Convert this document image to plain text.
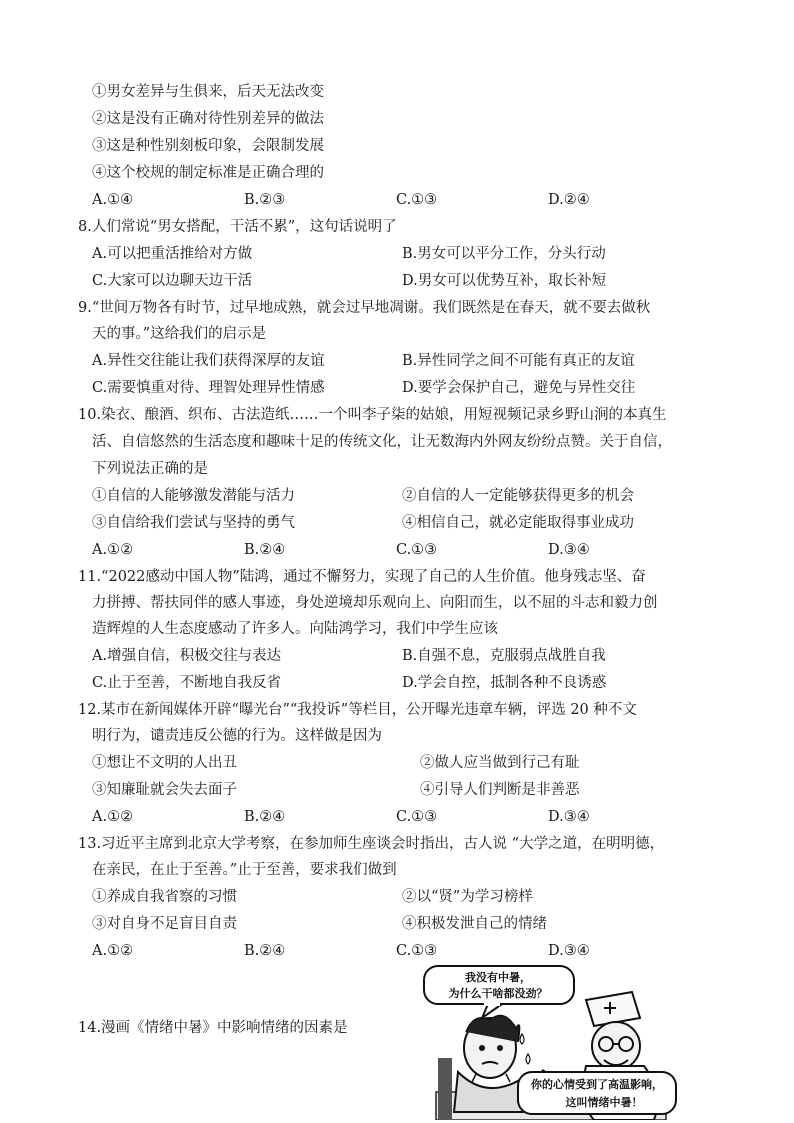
①男女差异与生俱来，后天无法改变
②这是没有正确对待性别差异的做法
③这是种性别刻板印象，会限制发展
④这个校规的制定标准是正确合理的
A.①④	B.②③	C.①③	D.②④
8.人们常说“男女搭配，干活不累”，这句话说明了
A.可以把重活推给对方做	B.男女可以平分工作，分头行动
C.大家可以边聊天边干活	D.男女可以优势互补，取长补短
9.“世间万物各有时节，过早地成熟，就会过早地凋谢。我们既然是在春天，就不要去做秋
天的事。”这给我们的启示是
A.异性交往能让我们获得深厚的友谊	B.异性同学之间不可能有真正的友谊
C.需要慎重对待、理智处理异性情感	D.要学会保护自己，避免与异性交往
10.染衣、酿酒、织布、古法造纸……一个叫李子柒的姑娘，用短视频记录乡野山涧的本真生
活、自信悠然的生活态度和趣味十足的传统文化，让无数海内外网友纷纷点赞。关于自信，
下列说法正确的是
①自信的人能够激发潜能与活力	②自信的人一定能够获得更多的机会
③自信给我们尝试与坚持的勇气	④相信自己，就必定能取得事业成功
A.①②	B.②④	C.①③	D.③④
11.“2022感动中国人物”陆鸿，通过不懈努力，实现了自己的人生价值。他身残志坚、奋
力拼搏、帮扶同伴的感人事迹，身处逆境却乐观向上、向阳而生，以不屈的斗志和毅力创
造辉煌的人生态度感动了许多人。向陆鸿学习，我们中学生应该
A.增强自信，积极交往与表达	B.自强不息，克服弱点战胜自我
C.止于至善，不断地自我反省	D.学会自控，抵制各种不良诱惑
12.某市在新闻媒体开辟“曝光台”“我投诉”等栏目，公开曝光违章车辆，评选 20 种不文
明行为，谴责违反公德的行为。这样做是因为
①想让不文明的人出丑	②做人应当做到行己有耻
③知廉耻就会失去面子	④引导人们判断是非善恶
A.①②	B.②④	C.①③	D.③④
13.习近平主席到北京大学考察，在参加师生座谈会时指出，古人说 “大学之道，在明明德，
在亲民，在止于至善。”止于至善，要求我们做到
①养成自我省察的习惯	②以“贤”为学习榜样
③对自身不足盲目自责	④积极发泄自己的情绪
A.①②	B.②④	C.①③	D.③④
14.漫画《情绪中暑》中影响情绪的因素是
我没有中暑，
为什么干啥都没劲？
你的心情受到了高温影响，
这叫情绪中暑！
